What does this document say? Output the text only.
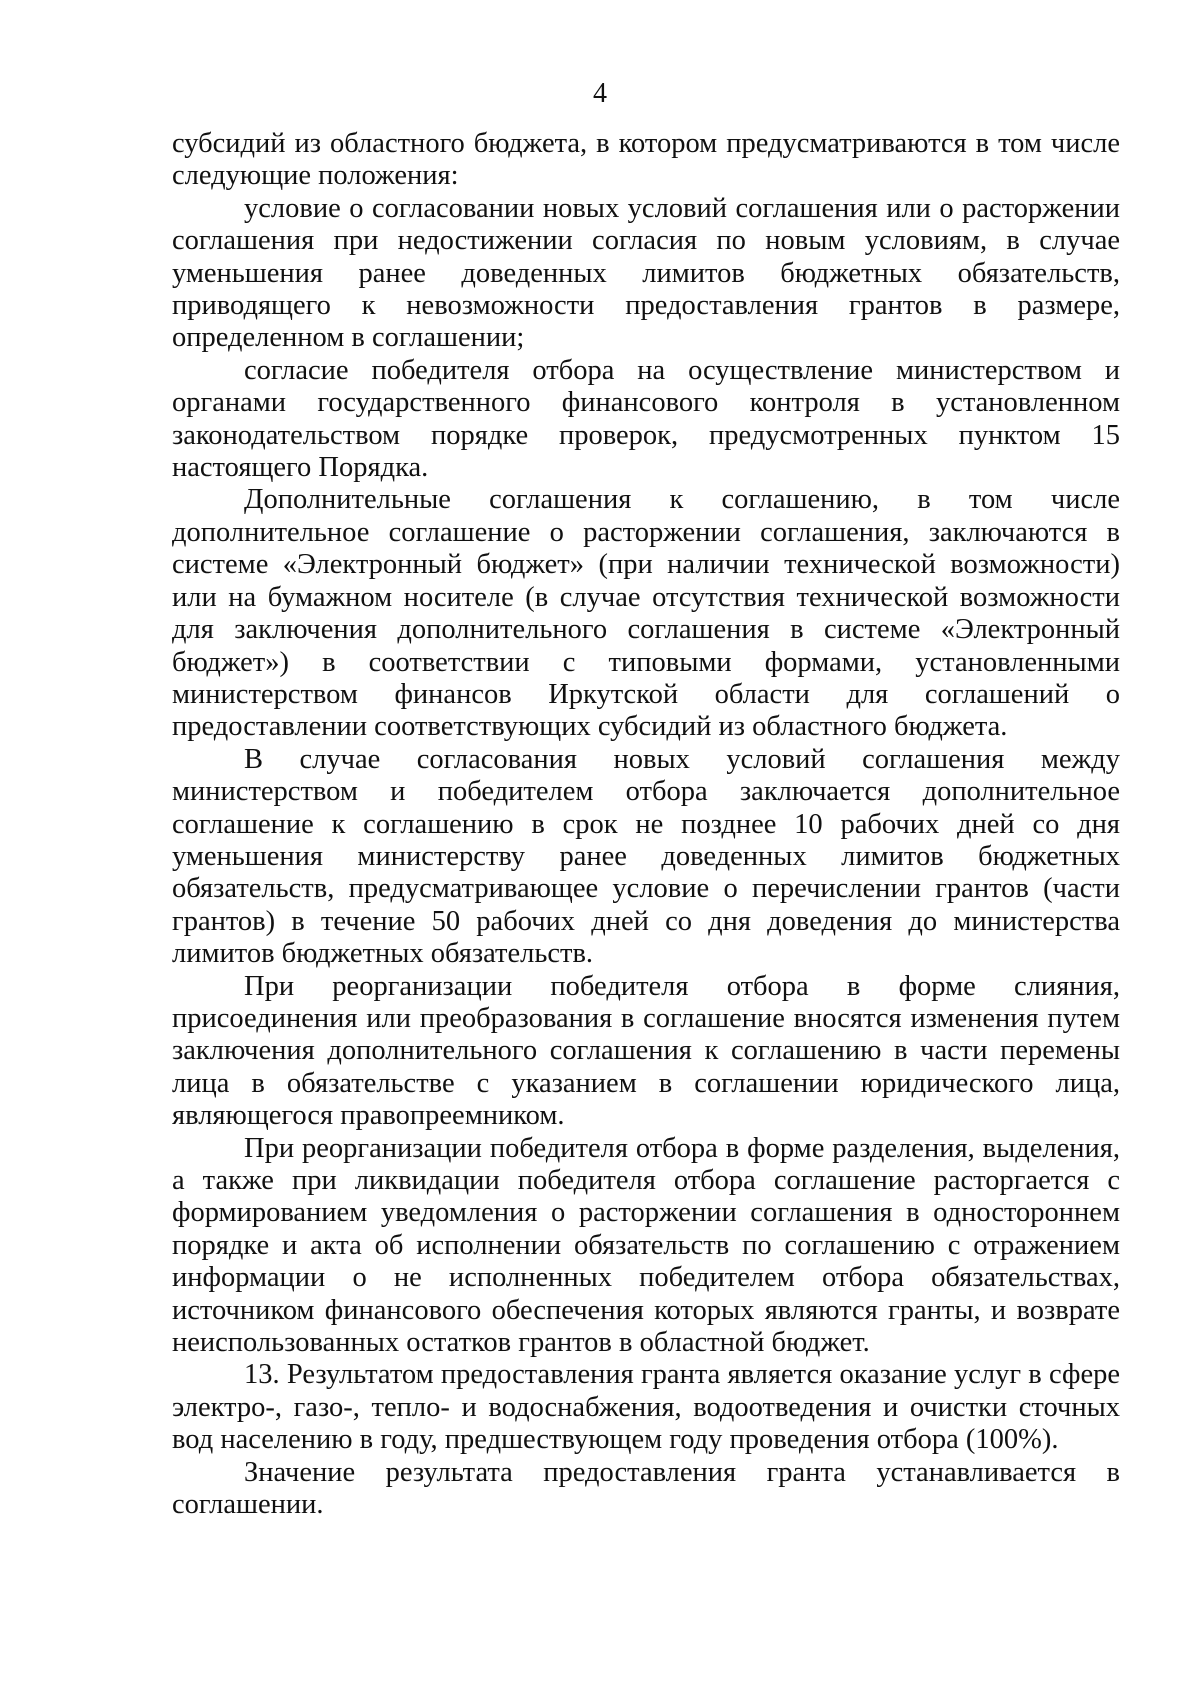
4

субсидий из областного бюджета, в котором предусматриваются в том числе следующие положения:

условие о согласовании новых условий соглашения или о расторжении соглашения при недостижении согласия по новым условиям, в случае уменьшения ранее доведенных лимитов бюджетных обязательств, приводящего к невозможности предоставления грантов в размере, определенном в соглашении;

согласие победителя отбора на осуществление министерством и органами государственного финансового контроля в установленном законодательством порядке проверок, предусмотренных пунктом 15 настоящего Порядка.

Дополнительные соглашения к соглашению, в том числе дополнительное соглашение о расторжении соглашения, заключаются в системе «Электронный бюджет» (при наличии технической возможности) или на бумажном носителе (в случае отсутствия технической возможности для заключения дополнительного соглашения в системе «Электронный бюджет») в соответствии с типовыми формами, установленными министерством финансов Иркутской области для соглашений о предоставлении соответствующих субсидий из областного бюджета.

В случае согласования новых условий соглашения между министерством и победителем отбора заключается дополнительное соглашение к соглашению в срок не позднее 10 рабочих дней со дня уменьшения министерству ранее доведенных лимитов бюджетных обязательств, предусматривающее условие о перечислении грантов (части грантов) в течение 50 рабочих дней со дня доведения до министерства лимитов бюджетных обязательств.

При реорганизации победителя отбора в форме слияния, присоединения или преобразования в соглашение вносятся изменения путем заключения дополнительного соглашения к соглашению в части перемены лица в обязательстве с указанием в соглашении юридического лица, являющегося правопреемником.

При реорганизации победителя отбора в форме разделения, выделения, а также при ликвидации победителя отбора соглашение расторгается с формированием уведомления о расторжении соглашения в одностороннем порядке и акта об исполнении обязательств по соглашению с отражением информации о не исполненных победителем отбора обязательствах, источником финансового обеспечения которых являются гранты, и возврате неиспользованных остатков грантов в областной бюджет.

13. Результатом предоставления гранта является оказание услуг в сфере электро-, газо-, тепло- и водоснабжения, водоотведения и очистки сточных вод населению в году, предшествующем году проведения отбора (100%).

Значение результата предоставления гранта устанавливается в соглашении.
